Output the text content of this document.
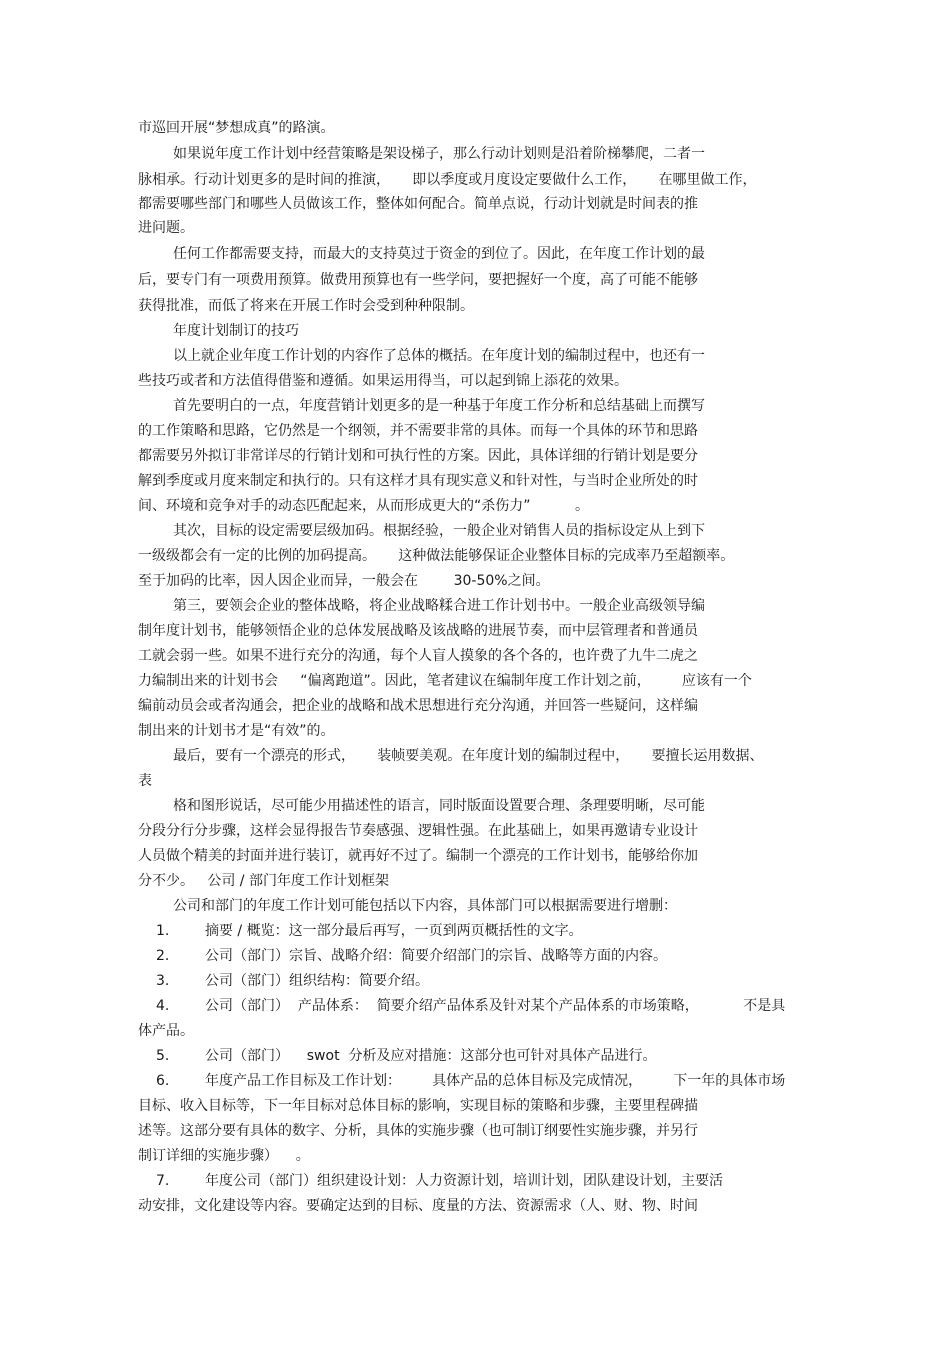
市巡回开展“梦想成真”的路演。
如果说年度工作计划中经营策略是架设梯子，那么行动计划则是沿着阶梯攀爬，二者一
脉相承。行动计划更多的是时间的推演，     即以季度或月度设定要做什么工作，     在哪里做工作，
都需要哪些部门和哪些人员做该工作，整体如何配合。简单点说，行动计划就是时间表的推
进问题。
任何工作都需要支持，而最大的支持莫过于资金的到位了。因此，在年度工作计划的最
后，要专门有一项费用预算。做费用预算也有一些学问，要把握好一个度，高了可能不能够
获得批准，而低了将来在开展工作时会受到种种限制。
年度计划制订的技巧
以上就企业年度工作计划的内容作了总体的概括。在年度计划的编制过程中，也还有一
些技巧或者和方法值得借鉴和遵循。如果运用得当，可以起到锦上添花的效果。
首先要明白的一点，年度营销计划更多的是一种基于年度工作分析和总结基础上而撰写
的工作策略和思路，它仍然是一个纲领，并不需要非常的具体。而每一个具体的环节和思路
都需要另外拟订非常详尽的行销计划和可执行性的方案。因此，具体详细的行销计划是要分
解到季度或月度来制定和执行的。只有这样才具有现实意义和针对性，与当时企业所处的时
间、环境和竞争对手的动态匹配起来，从而形成更大的“杀伤力”          。
其次，目标的设定需要层级加码。根据经验，一般企业对销售人员的指标设定从上到下
一级级都会有一定的比例的加码提高。     这种做法能够保证企业整体目标的完成率乃至超额率。
至于加码的比率，因人因企业而异，一般会在        30-50%之间。
第三，要领会企业的整体战略，将企业战略糅合进工作计划书中。一般企业高级领导编
制年度计划书，能够领悟企业的总体发展战略及该战略的进展节奏，而中层管理者和普通员
工就会弱一些。如果不进行充分的沟通，每个人盲人摸象的各个各的，也许费了九牛二虎之
力编制出来的计划书会     “偏离跑道”。因此，笔者建议在编制年度工作计划之前，       应该有一个
编前动员会或者沟通会，把企业的战略和战术思想进行充分沟通，并回答一些疑问，这样编
制出来的计划书才是“有效”的。
最后，要有一个漂亮的形式，     装帧要美观。在年度计划的编制过程中，     要擅长运用数据、
表
格和图形说话，尽可能少用描述性的语言，同时版面设置要合理、条理要明晰，尽可能
分段分行分步骤，这样会显得报告节奏感强、逻辑性强。在此基础上，如果再邀请专业设计
人员做个精美的封面并进行装订，就再好不过了。编制一个漂亮的工作计划书，能够给你加
分不少。   公司 / 部门年度工作计划框架
公司和部门的年度工作计划可能包括以下内容，具体部门可以根据需要进行增删：
1.        摘要 / 概览：这一部分最后再写，一页到两页概括性的文字。
2.        公司（部门）宗旨、战略介绍：简要介绍部门的宗旨、战略等方面的内容。
3.        公司（部门）组织结构：简要介绍。
4.        公司（部门）  产品体系：  简要介绍产品体系及针对某个产品体系的市场策略，          不是具
体产品。
5.        公司（部门）    swot  分析及应对措施：这部分也可针对具体产品进行。
6.        年度产品工作目标及工作计划：       具体产品的总体目标及完成情况，       下一年的具体市场
目标、收入目标等，下一年目标对总体目标的影响，实现目标的策略和步骤，主要里程碑描
述等。这部分要有具体的数字、分析，具体的实施步骤（也可制订纲要性实施步骤，并另行
制订详细的实施步骤）    。
7.        年度公司（部门）组织建设计划：人力资源计划，培训计划，团队建设计划，主要活
动安排，文化建设等内容。要确定达到的目标、度量的方法、资源需求（人、财、物、时间
